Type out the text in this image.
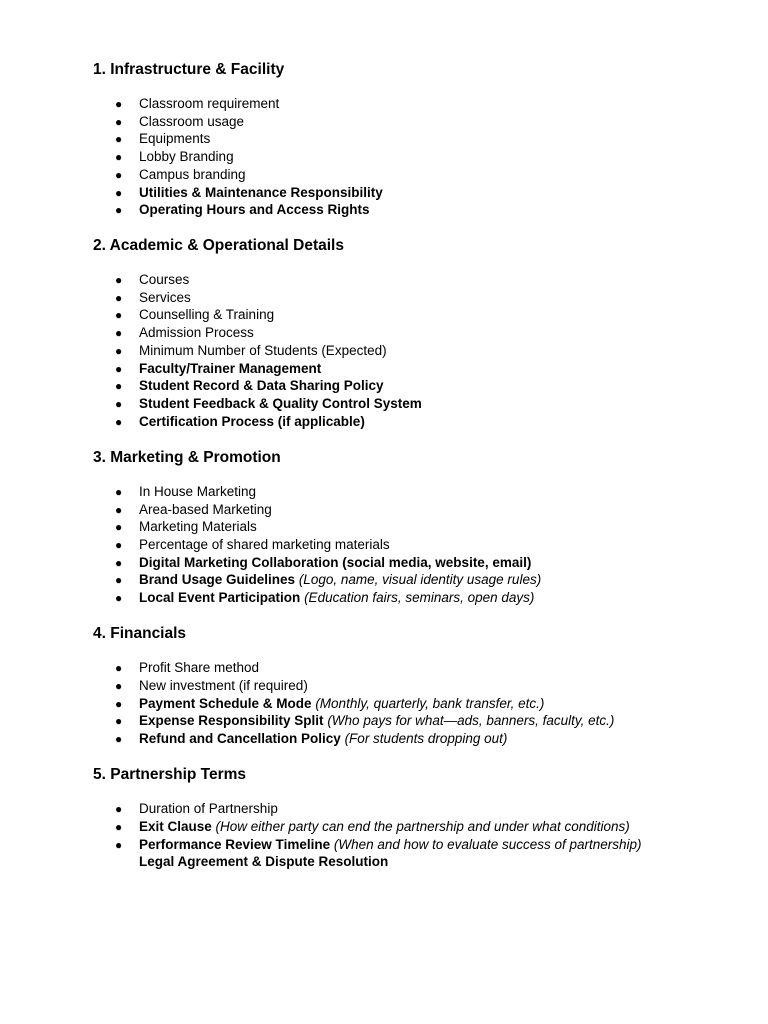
1. Infrastructure & Facility
●	Classroom requirement
●	Classroom usage
●	Equipments
●	Lobby Branding
●	Campus branding
●	Utilities & Maintenance Responsibility
●	Operating Hours and Access Rights
2. Academic & Operational Details
●	Courses
●	Services
●	Counselling & Training
●	Admission Process
●	Minimum Number of Students (Expected)
●	Faculty/Trainer Management
●	Student Record & Data Sharing Policy
●	Student Feedback & Quality Control System
●	Certification Process (if applicable)
3. Marketing & Promotion
●	In House Marketing
●	Area-based Marketing
●	Marketing Materials
●	Percentage of shared marketing materials
●	Digital Marketing Collaboration (social media, website, email)
●	Brand Usage Guidelines (Logo, name, visual identity usage rules)
●	Local Event Participation (Education fairs, seminars, open days)
4. Financials
●	Profit Share method
●	New investment (if required)
●	Payment Schedule & Mode (Monthly, quarterly, bank transfer, etc.)
●	Expense Responsibility Split (Who pays for what—ads, banners, faculty, etc.)
●	Refund and Cancellation Policy (For students dropping out)
5. Partnership Terms
●	Duration of Partnership
●	Exit Clause (How either party can end the partnership and under what conditions)
●	Performance Review Timeline (When and how to evaluate success of partnership)
Legal Agreement & Dispute Resolution
